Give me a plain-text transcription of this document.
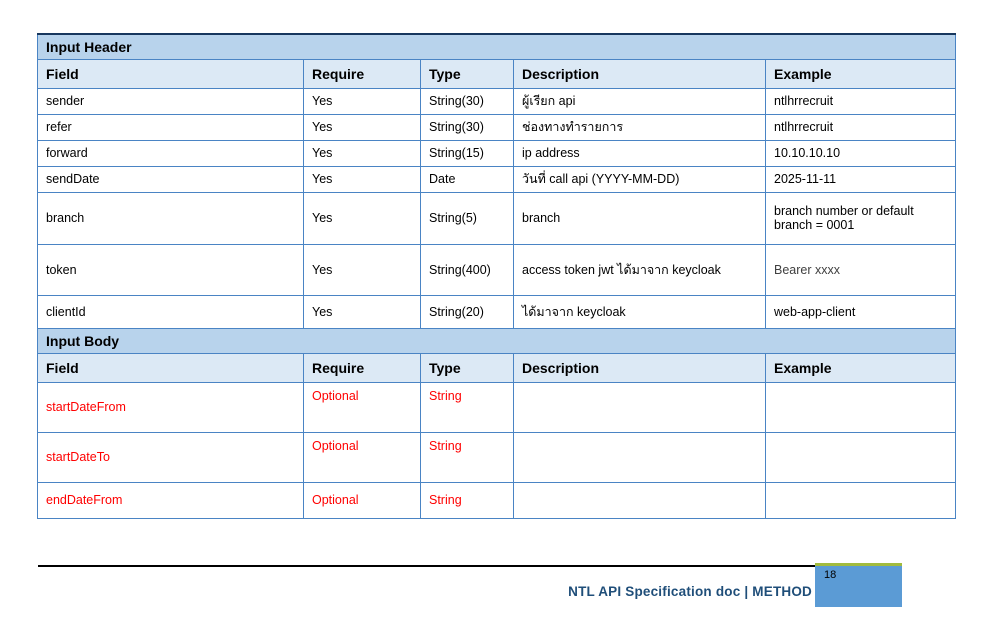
Input Header				
Field	Require	Type	Description	Example
sender	Yes	String(30)	ผู้เรียก api	ntlhrrecruit
refer	Yes	String(30)	ช่องทางทำรายการ	ntlhrrecruit
forward	Yes	String(15)	ip address	10.10.10.10
sendDate	Yes	Date	วันที่ call api (YYYY-MM-DD)	2025-11-11
branch	Yes	String(5)	branch	branch number or default branch = 0001
token	Yes	String(400)	access token jwt ได้มาจาก keycloak	Bearer xxxx
clientId	Yes	String(20)	ได้มาจาก keycloak	web-app-client
Input Body				
Field	Require	Type	Description	Example
startDateFrom	Optional	String		
startDateTo	Optional	String		
endDateFrom	Optional	String		
NTL API Specification doc | METHOD
18
